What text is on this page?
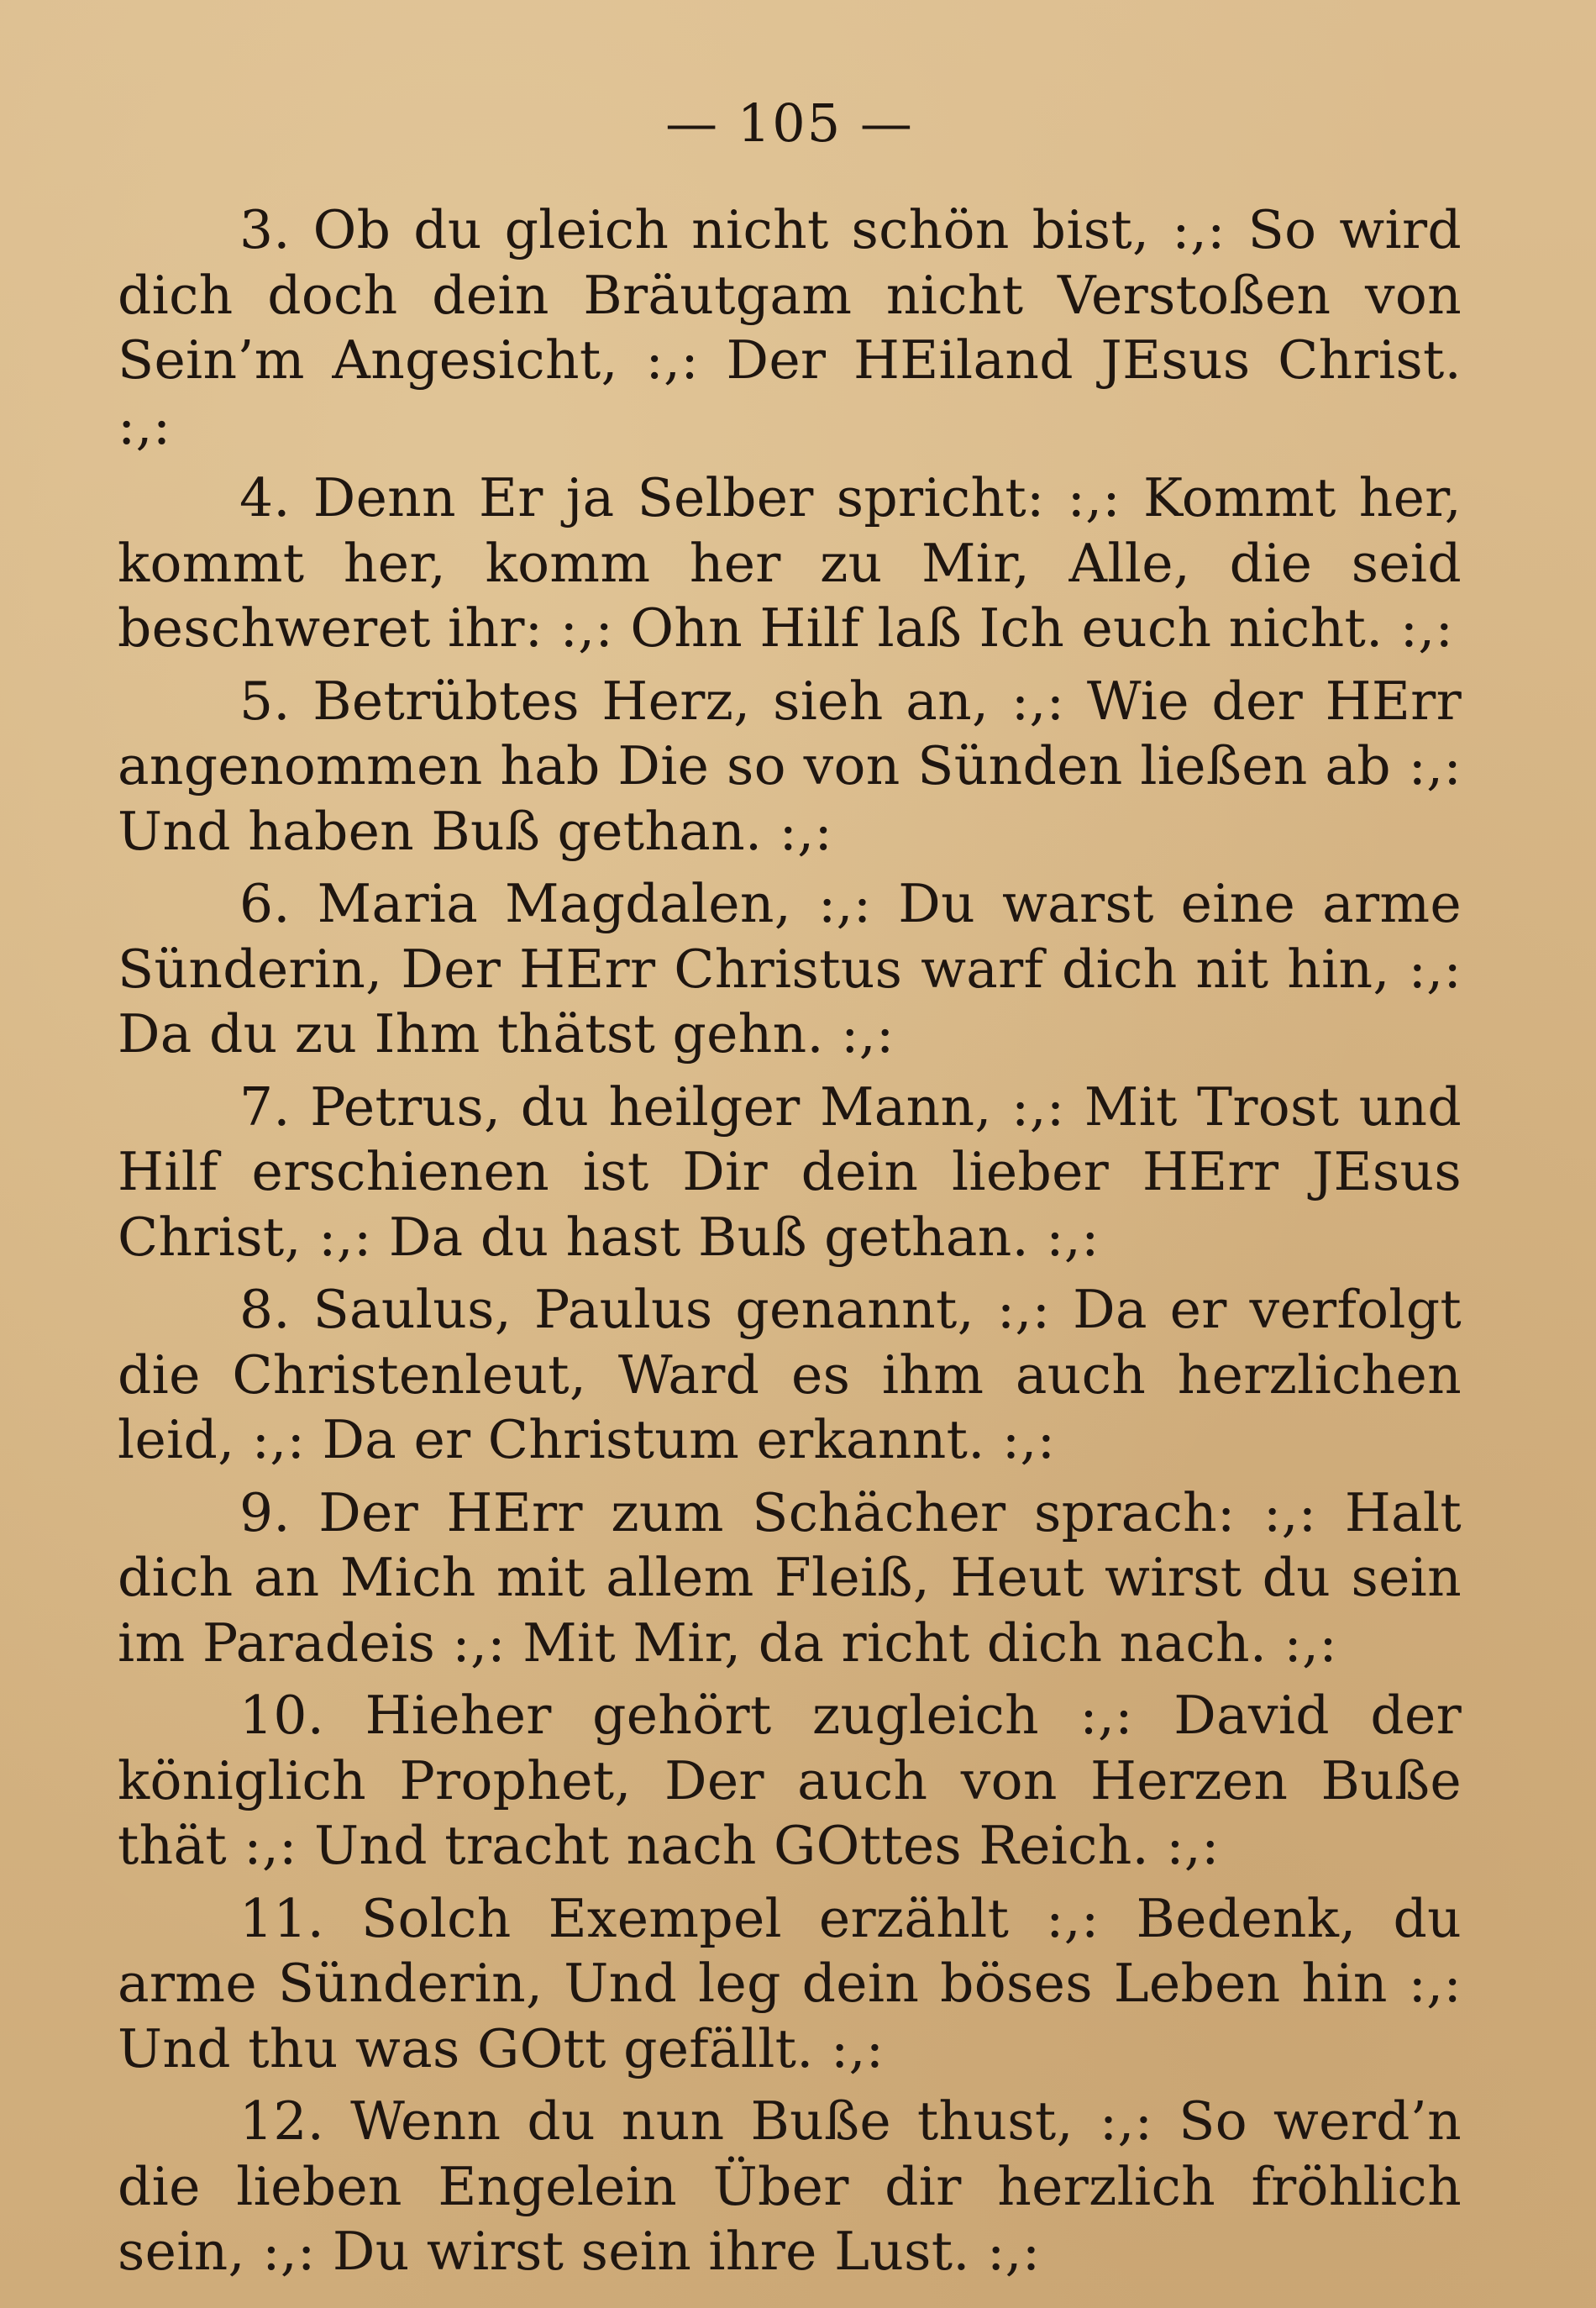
— 105 —

3. Ob du gleich nicht schön bist, :,: So wird dich doch dein Bräutgam nicht Verstoßen von Sein’m Angesicht, :,: Der HEiland JEsus Christ. :,:

4. Denn Er ja Selber spricht: :,: Kommt her, kommt her, komm her zu Mir, Alle, die seid beschweret ihr: :,: Ohn Hilf laß Ich euch nicht. :,:

5. Betrübtes Herz, sieh an, :,: Wie der HErr angenommen hab Die so von Sünden ließen ab :,: Und haben Buß gethan. :,:

6. Maria Magdalen, :,: Du warst eine arme Sünderin, Der HErr Christus warf dich nit hin, :,: Da du zu Ihm thätst gehn. :,:

7. Petrus, du heilger Mann, :,: Mit Trost und Hilf erschienen ist Dir dein lieber HErr JEsus Christ, :,: Da du hast Buß gethan. :,:

8. Saulus, Paulus genannt, :,: Da er verfolgt die Christenleut, Ward es ihm auch herzlichen leid, :,: Da er Christum erkannt. :,:

9. Der HErr zum Schächer sprach: :,: Halt dich an Mich mit allem Fleiß, Heut wirst du sein im Paradeis :,: Mit Mir, da richt dich nach. :,:

10. Hieher gehört zugleich :,: David der königlich Prophet, Der auch von Herzen Buße thät :,: Und tracht nach GOttes Reich. :,:

11. Solch Exempel erzählt :,: Bedenk, du arme Sünderin, Und leg dein böses Leben hin :,: Und thu was GOtt gefällt. :,:

12. Wenn du nun Buße thust, :,: So werd’n die lieben Engelein Über dir herzlich fröhlich sein, :,: Du wirst sein ihre Lust. :,:
